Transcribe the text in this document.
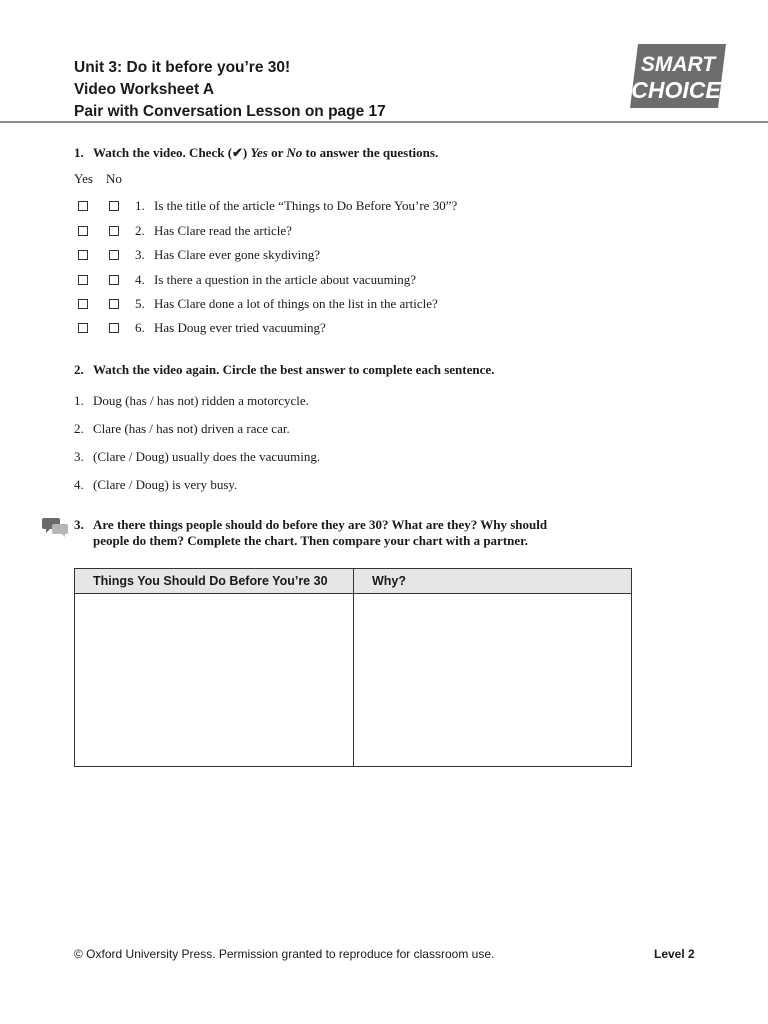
Unit 3: Do it before you’re 30!
Video Worksheet A
Pair with Conversation Lesson on page 17
SMART
CHOICE
1. Watch the video. Check (✔) Yes or No to answer the questions.
Yes No
1. Is the title of the article “Things to Do Before You’re 30”?
2. Has Clare read the article?
3. Has Clare ever gone skydiving?
4. Is there a question in the article about vacuuming?
5. Has Clare done a lot of things on the list in the article?
6. Has Doug ever tried vacuuming?
2. Watch the video again. Circle the best answer to complete each sentence.
1. Doug (has / has not) ridden a motorcycle.
2. Clare (has / has not) driven a race car.
3. (Clare / Doug) usually does the vacuuming.
4. (Clare / Doug) is very busy.
3. Are there things people should do before they are 30? What are they? Why should
people do them? Complete the chart. Then compare your chart with a partner.
Things You Should Do Before You’re 30	Why?
© Oxford University Press. Permission granted to reproduce for classroom use.	Level 2
